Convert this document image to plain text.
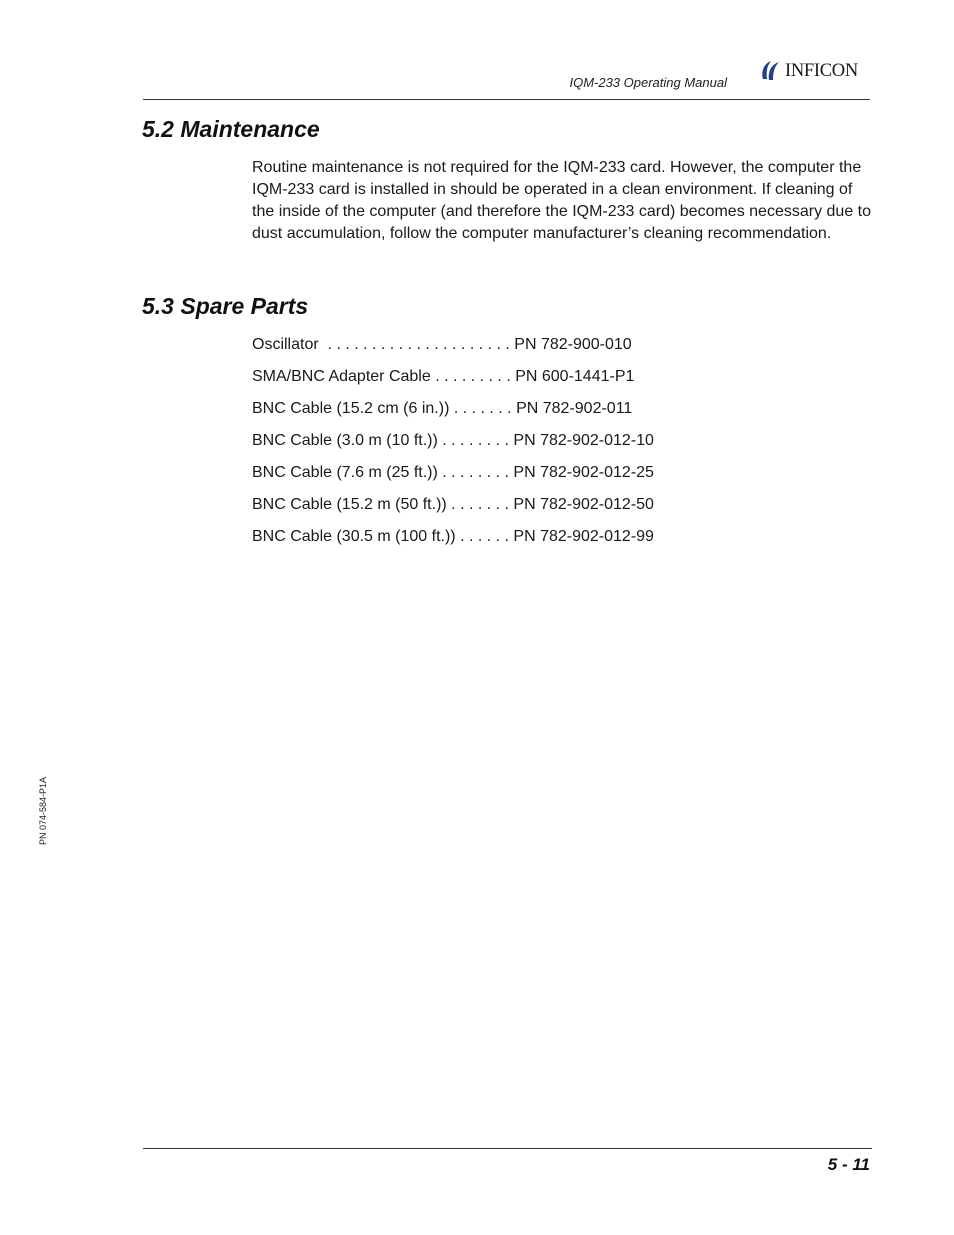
IQM-233 Operating Manual
INFICON
5.2 Maintenance

Routine maintenance is not required for the IQM-233 card. However, the computer the IQM-233 card is installed in should be operated in a clean environment. If cleaning of the inside of the computer (and therefore the IQM-233 card) becomes necessary due to dust accumulation, follow the computer manufacturer’s cleaning recommendation.

5.3 Spare Parts
Oscillator  . . . . . . . . . . . . . . . . . . . . . PN 782-900-010
SMA/BNC Adapter Cable . . . . . . . . . PN 600-1441-P1
BNC Cable (15.2 cm (6 in.)) . . . . . . . PN 782-902-011
BNC Cable (3.0 m (10 ft.)) . . . . . . . . PN 782-902-012-10
BNC Cable (7.6 m (25 ft.)) . . . . . . . . PN 782-902-012-25
BNC Cable (15.2 m (50 ft.)) . . . . . . . PN 782-902-012-50
BNC Cable (30.5 m (100 ft.)) . . . . . . PN 782-902-012-99
PN 074-584-P1A
5 - 11
